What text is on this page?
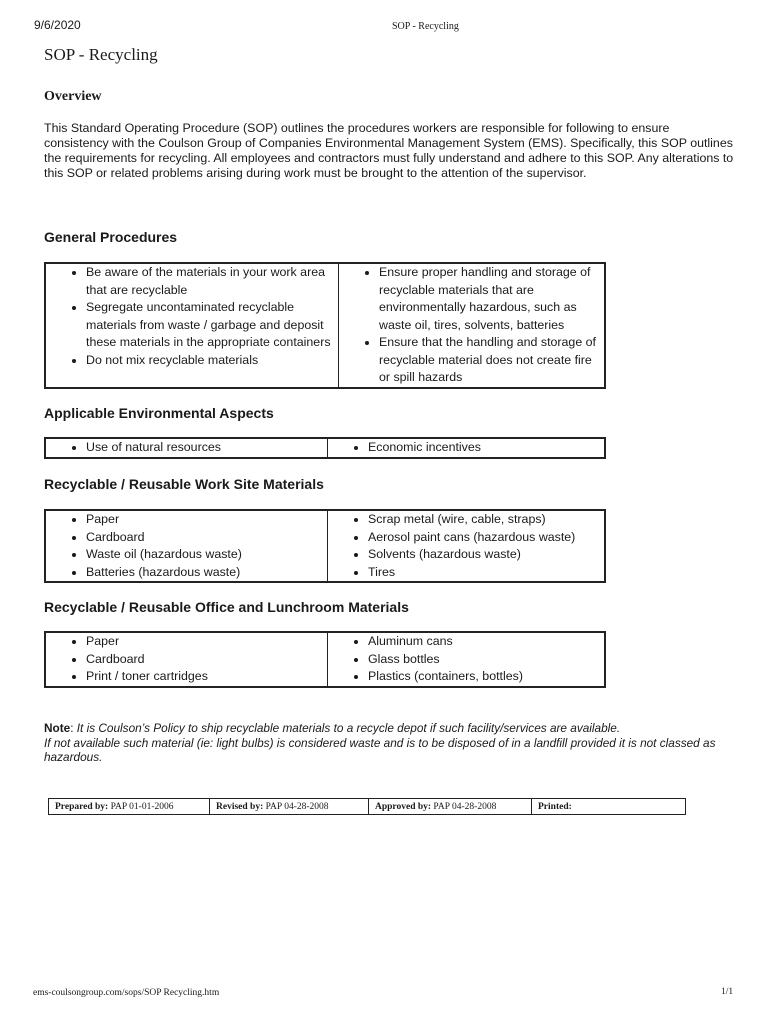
9/6/2020	SOP - Recycling
SOP - Recycling
Overview
This Standard Operating Procedure (SOP) outlines the procedures workers are responsible for following to ensure consistency with the Coulson Group of Companies Environmental Management System (EMS). Specifically, this SOP outlines the requirements for recycling. All employees and contractors must fully understand and adhere to this SOP. Any alterations to this SOP or related problems arising during work must be brought to the attention of the supervisor.
General Procedures
• Be aware of the materials in your work area that are recyclable
• Segregate uncontaminated recyclable materials from waste / garbage and deposit these materials in the appropriate containers
• Do not mix recyclable materials

• Ensure proper handling and storage of recyclable materials that are environmentally hazardous, such as waste oil, tires, solvents, batteries
• Ensure that the handling and storage of recyclable material does not create fire or spill hazards
Applicable Environmental Aspects
• Use of natural resources

•Economic incentives
Recyclable / Reusable Work Site Materials
• Paper
• Cardboard
• Waste oil (hazardous waste)
• Batteries (hazardous waste)

• Scrap metal (wire, cable, straps)
• Aerosol paint cans (hazardous waste)
• Solvents (hazardous waste)
• Tires
Recyclable / Reusable Office and Lunchroom Materials
• Paper
• Cardboard
• Print / toner cartridges

• Aluminum cans
• Glass bottles
• Plastics (containers, bottles)
Note: It is Coulson’s Policy to ship recyclable materials to a recycle depot if such facility/services are available.
If not available such material (ie: light bulbs) is considered waste and is to be disposed of in a landfill provided it is not classed as hazardous.
Prepared by: PAP 01-01-2006	Revised by: PAP 04-28-2008	Approved by: PAP 04-28-2008	Printed:
ems-coulsongroup.com/sops/SOP Recycling.htm	1/1
